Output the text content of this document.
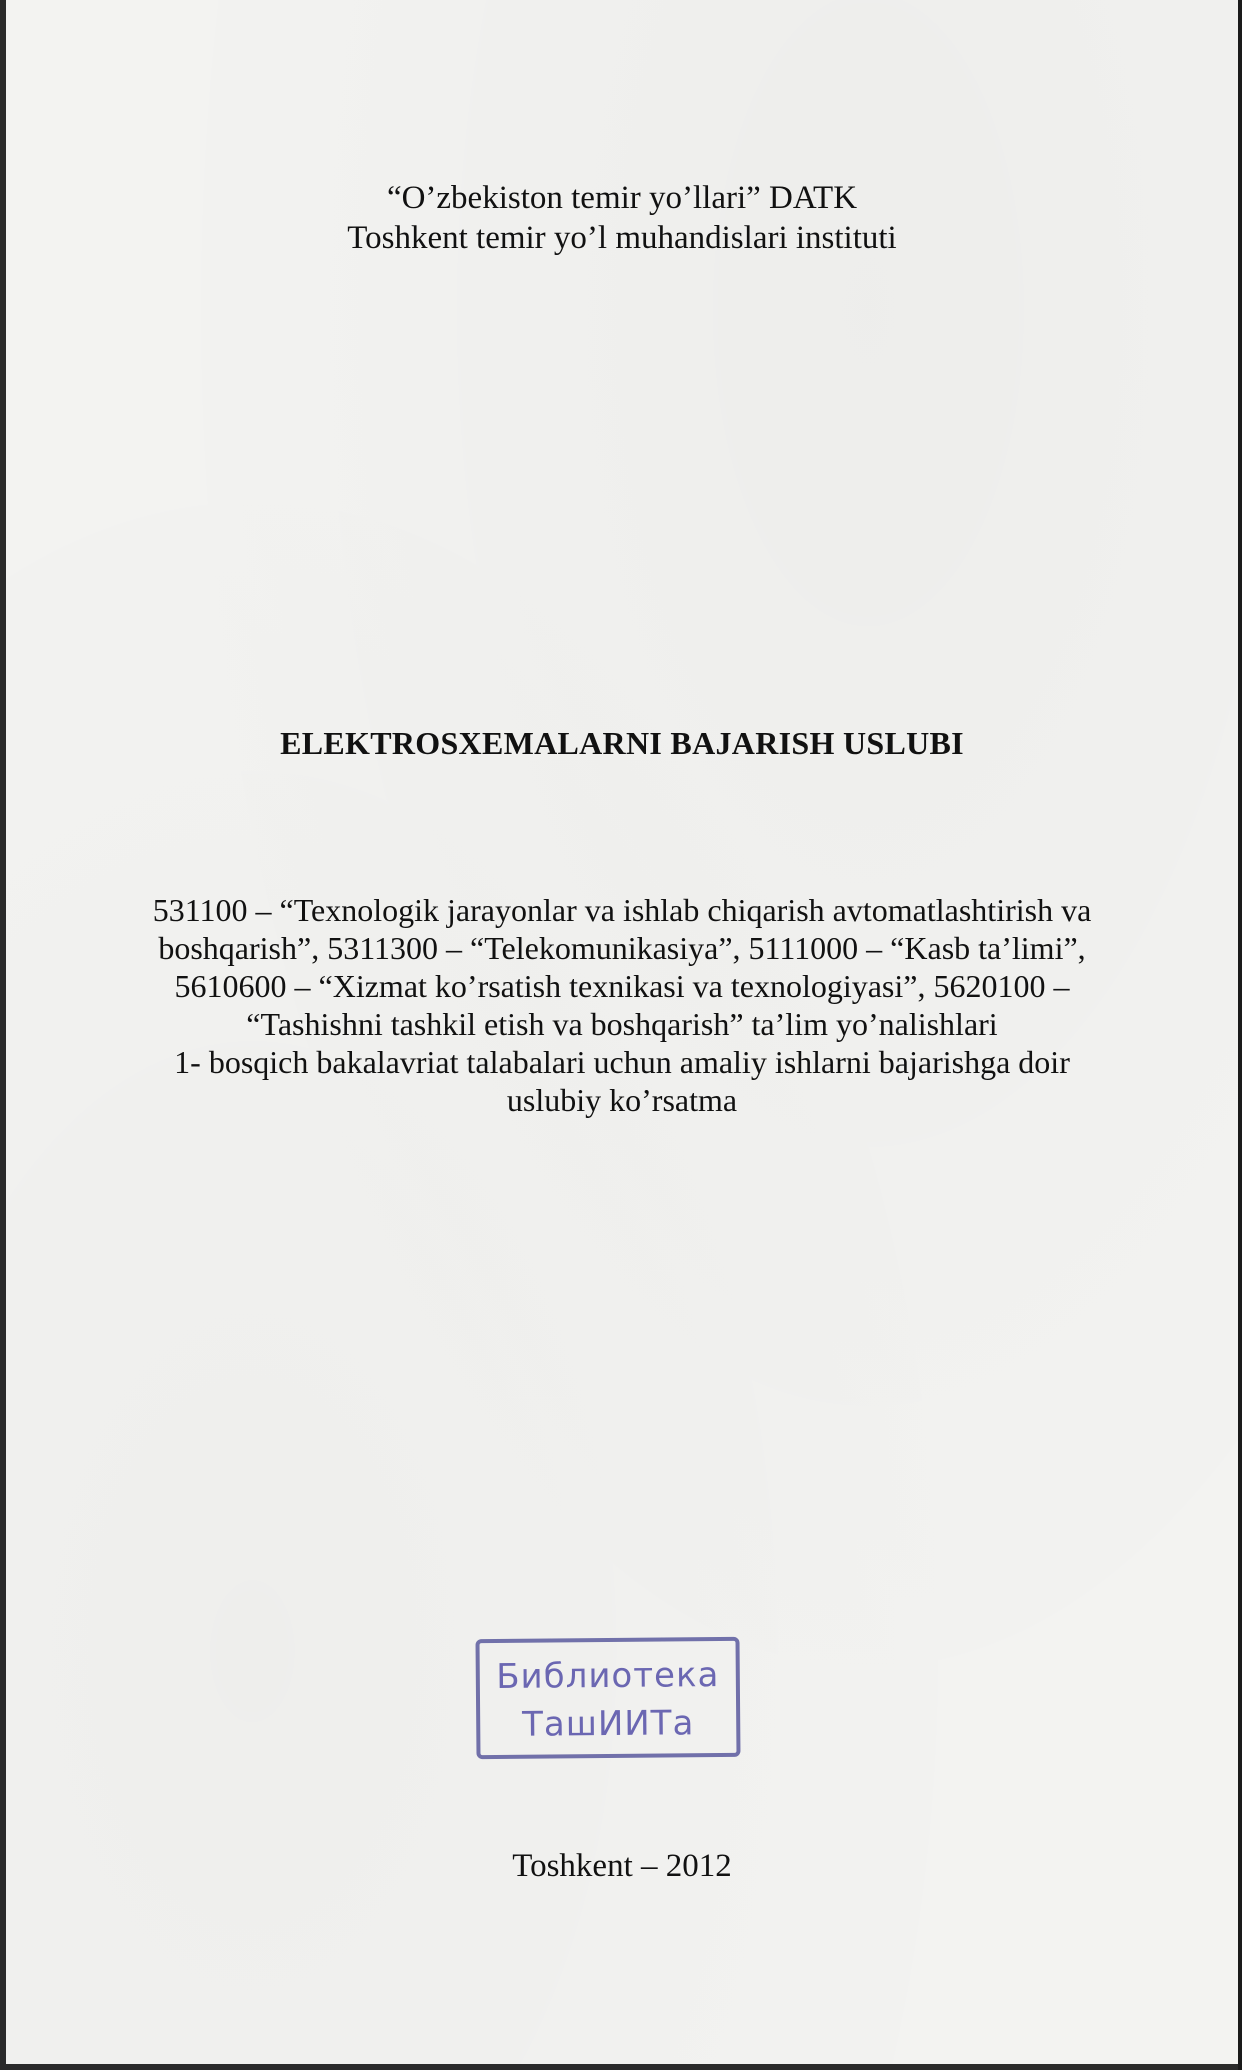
“O’zbekiston temir yo’llari” DATK
Toshkent temir yo’l muhandislari instituti
ELEKTROSXEMALARNI BAJARISH USLUBI
531100 – “Texnologik jarayonlar va ishlab chiqarish avtomatlashtirish va
boshqarish”, 5311300 – “Telekomunikasiya”, 5111000 – “Kasb ta’limi”,
5610600 – “Xizmat ko’rsatish texnikasi va texnologiyasi”, 5620100 –
“Tashishni tashkil etish va boshqarish” ta’lim yo’nalishlari
1- bosqich bakalavriat talabalari uchun amaliy ishlarni bajarishga doir
uslubiy ko’rsatma
Библиотека
ТашИИТа
Toshkent – 2012
